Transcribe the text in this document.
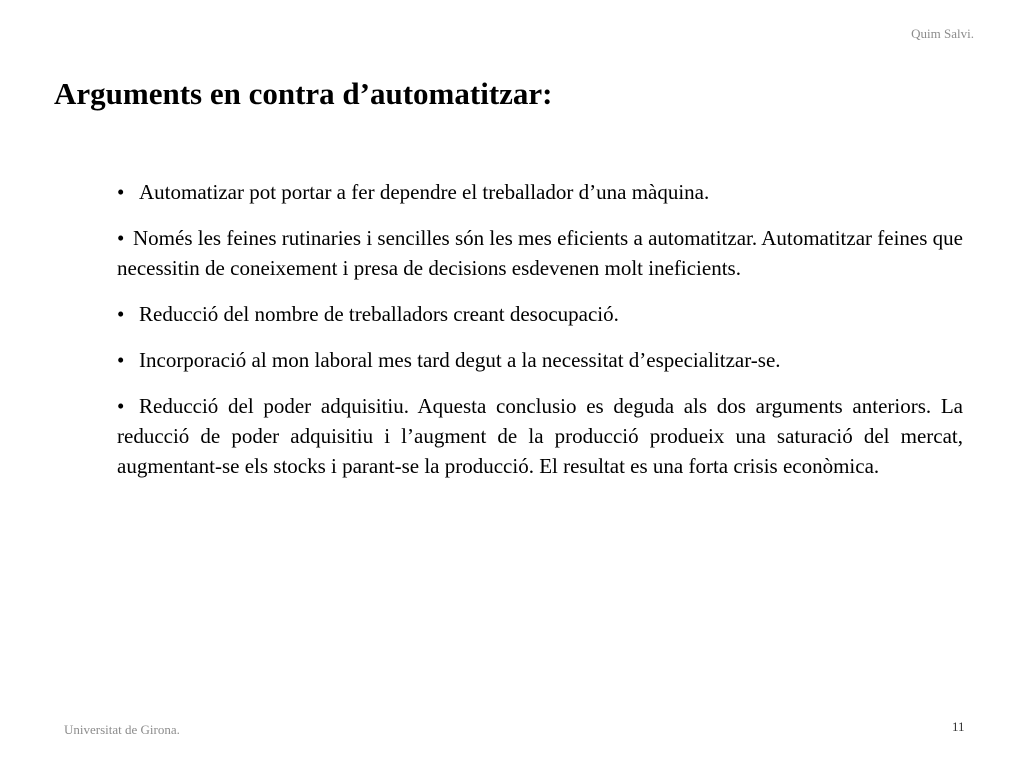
Quim Salvi.
Arguments en contra d’automatitzar:
• Automatizar pot portar a fer dependre el treballador d’una màquina.
• Només les feines rutinaries i sencilles són les mes eficients a automatitzar. Automatitzar feines que necessitin de coneixement i presa de decisions esdevenen molt ineficients.
• Reducció del nombre de treballadors creant desocupació.
• Incorporació al mon laboral mes tard degut a la necessitat d’especialitzar-se.
• Reducció del poder adquisitiu. Aquesta conclusio es deguda als dos arguments anteriors. La reducció de poder adquisitiu i l’augment de la producció produeix una saturació del mercat, augmentant-se els stocks i parant-se la producció. El resultat es una forta crisis econòmica.
Universitat de Girona.	11
